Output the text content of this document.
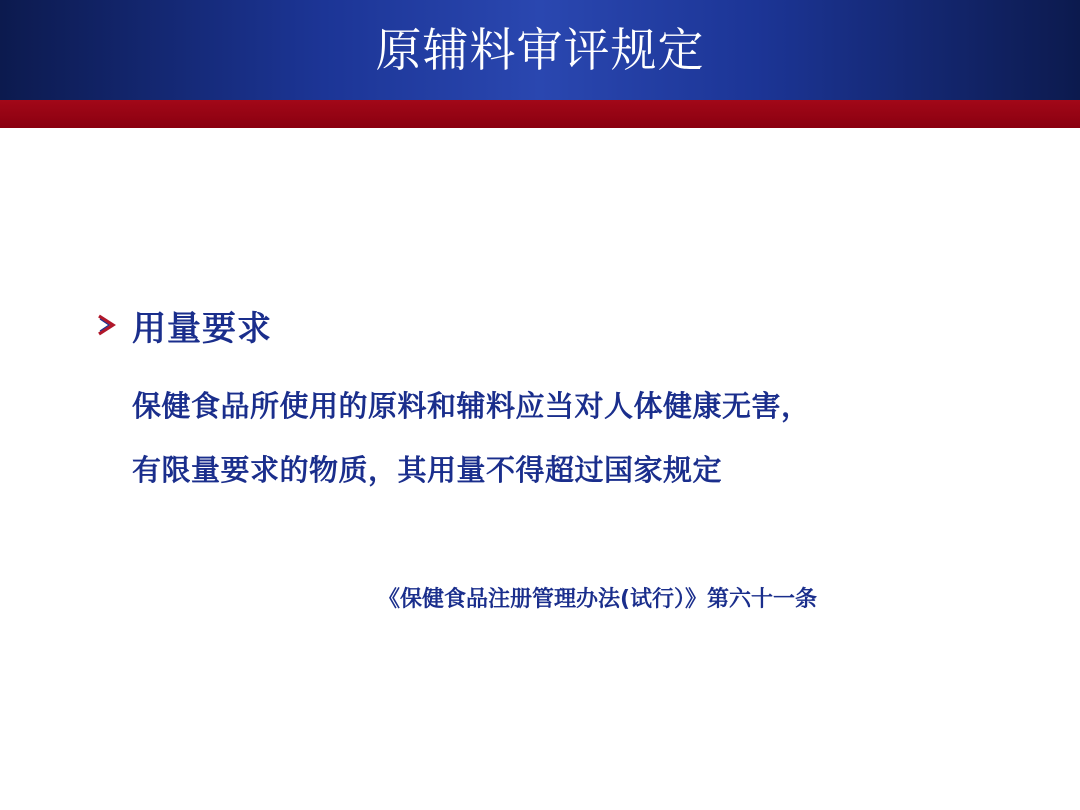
原辅料审评规定
用量要求
保健食品所使用的原料和辅料应当对人体健康无害，
有限量要求的物质，其用量不得超过国家规定
《保健食品注册管理办法(试行）》第六十一条
